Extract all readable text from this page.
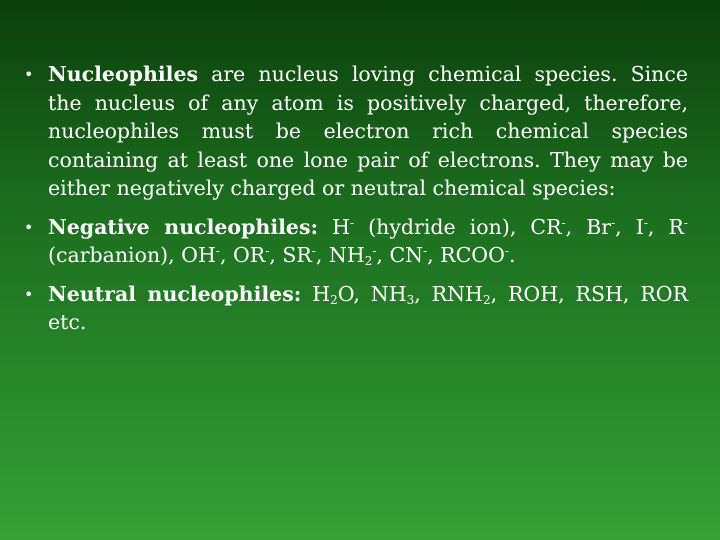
• Nucleophiles are nucleus loving chemical species. Since the nucleus of any atom is positively charged, therefore, nucleophiles must be electron rich chemical species containing at least one lone pair of electrons. They may be either negatively charged or neutral chemical species:
• Negative nucleophiles: H- (hydride ion), CR-, Br-, I-, R- (carbanion), OH-, OR-, SR-, $NH_2^-$, CN-, RCOO-.
• Neutral nucleophiles: $H_2O$, $NH_3$, $RNH_2$, ROH, RSH, ROR etc.
